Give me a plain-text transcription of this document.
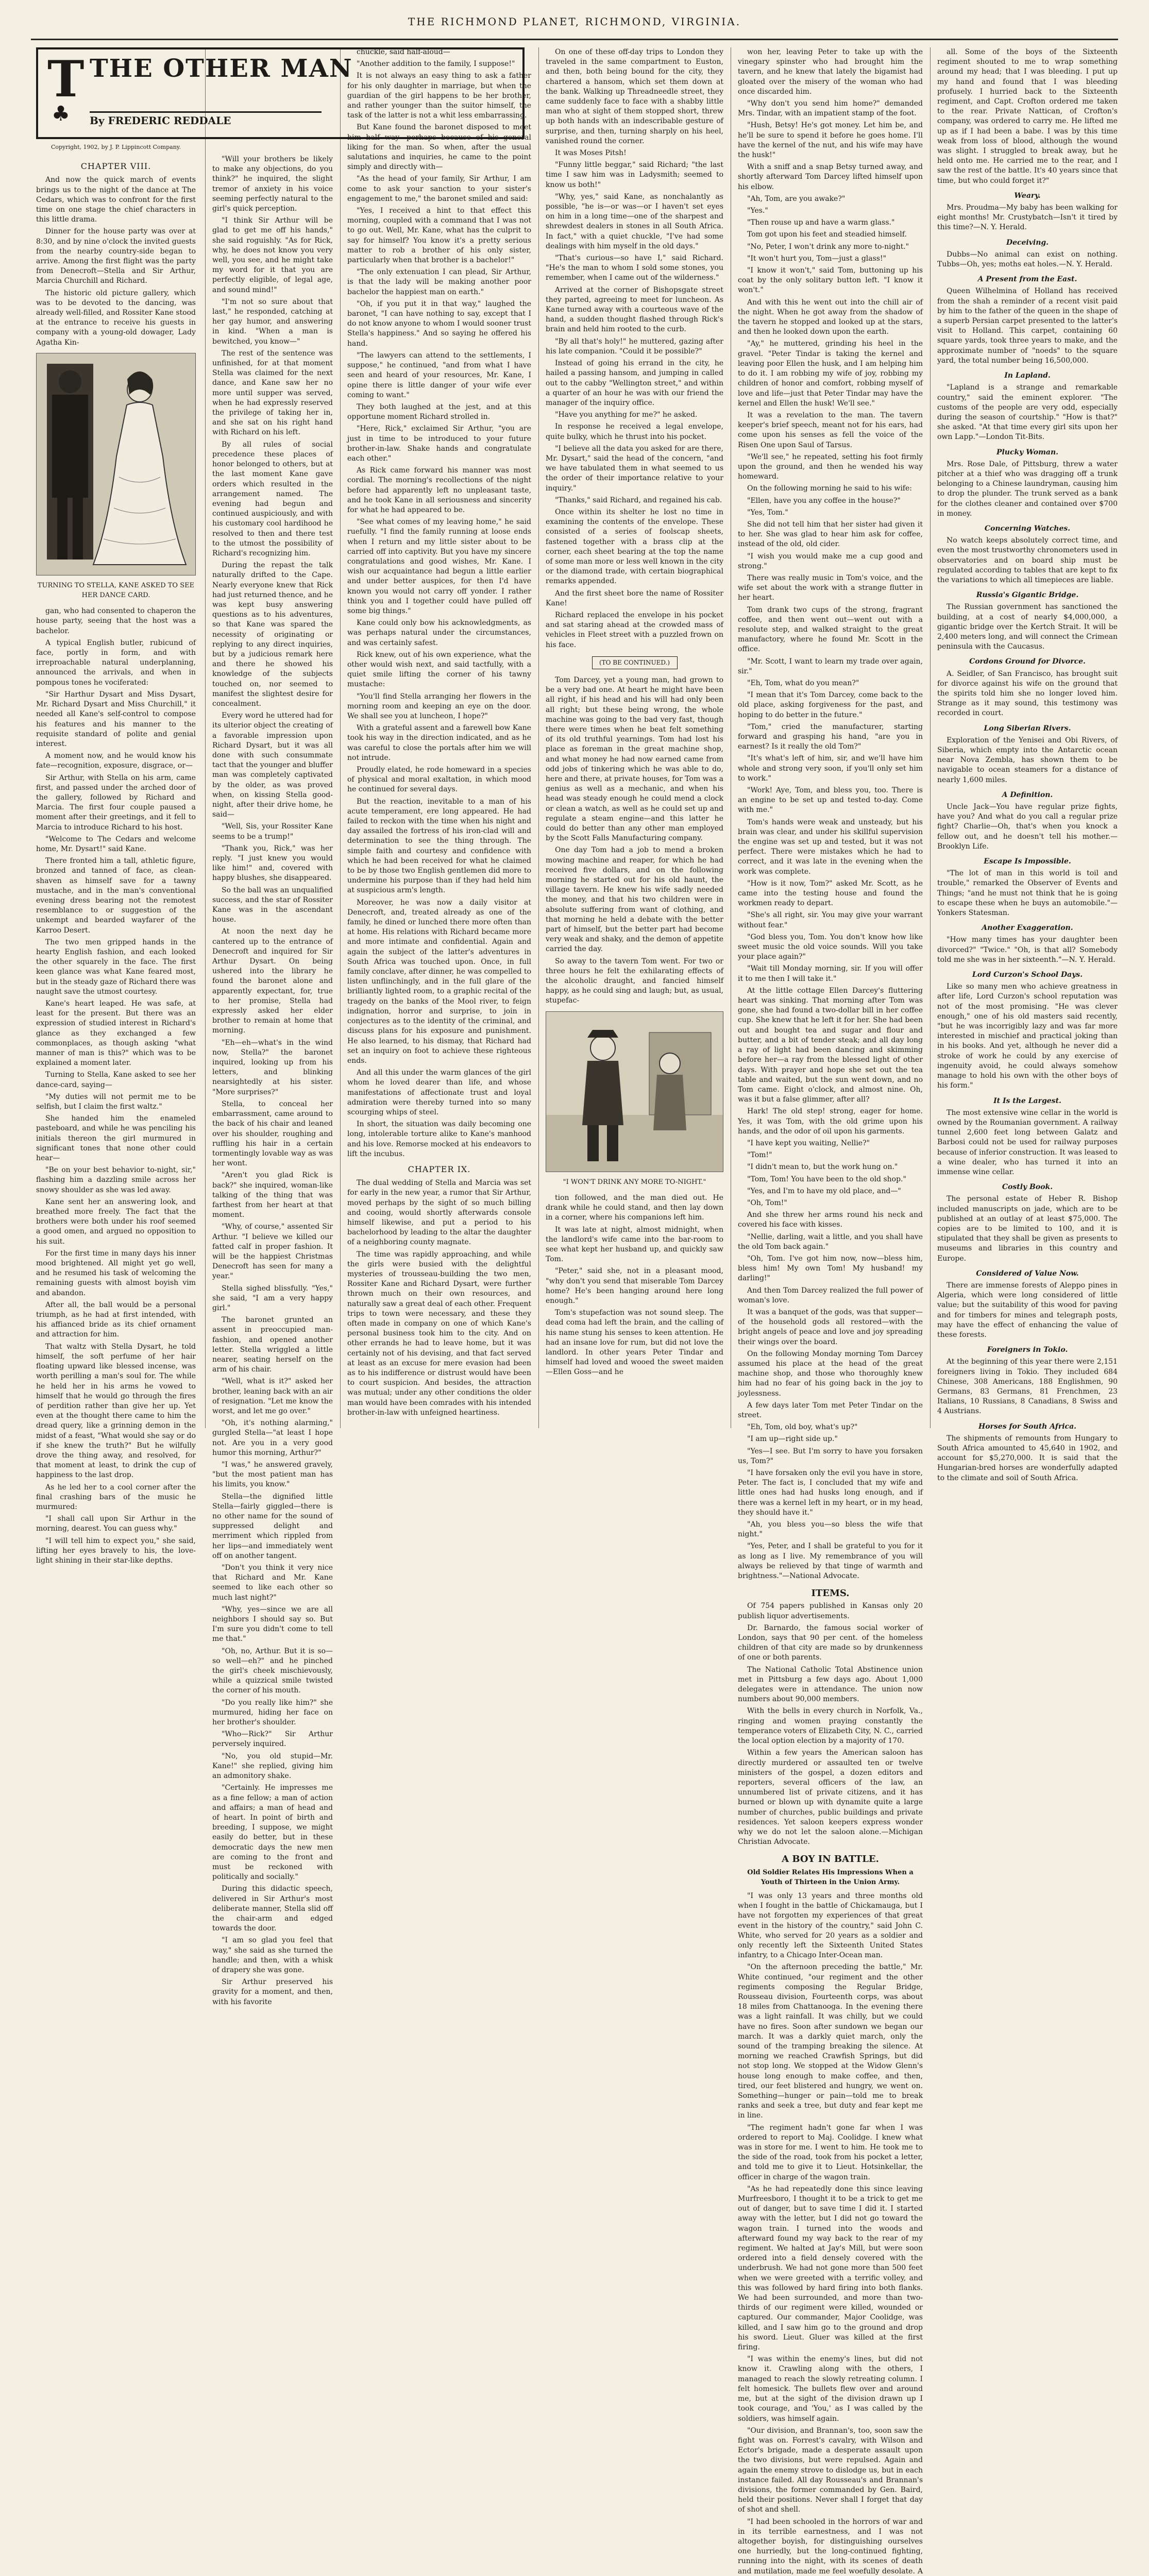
THE RICHMOND PLANET, RICHMOND, VIRGINIA.
T THE OTHER MAN
♣ By FREDERIC REDDALE
Copyright, 1902, by J. P. Lippincott Company.
CHAPTER VIII.

And now the quick march of events brings us to the night of the dance at The Cedars, which was to confront for the first time on one stage the chief characters in this little drama.

Dinner for the house party was over at 8:30, and by nine o'clock the invited guests from the nearby country-side began to arrive. Among the first flight was the party from Denecroft—Stella and Sir Arthur, Marcia Churchill and Richard.

The historic old picture gallery, which was to be devoted to the dancing, was already well-filled, and Rossiter Kane stood at the entrance to receive his guests in company with a young-old dowager, Lady Agatha Kin-

TURNING TO STELLA, KANE ASKED TO SEE HER DANCE CARD.

gan, who had consented to chaperon the house party, seeing that the host was a bachelor.

A typical English butler, rubicund of face, portly in form, and with irreproachable natural underplanning, announced the arrivals, and when in pompous tones he vociferated:

"Sir Harthur Dysart and Miss Dysart, Mr. Richard Dysart and Miss Churchill," it needed all Kane's self-control to compose his features and his manner to the requisite standard of polite and genial interest.

A moment now, and he would know his fate—recognition, exposure, disgrace, or—

Sir Arthur, with Stella on his arm, came first, and passed under the arched door of the gallery, followed by Richard and Marcia. The first four couple paused a moment after their greetings, and it fell to Marcia to introduce Richard to his host.

"Welcome to The Cedars and welcome home, Mr. Dysart!" said Kane.

There fronted him a tall, athletic figure, bronzed and tanned of face, as clean-shaven as himself save for a tawny mustache, and in the man's conventional evening dress bearing not the remotest resemblance to or suggestion of the unkempt and bearded wayfarer of the Karroo Desert.

The two men gripped hands in the hearty English fashion, and each looked the other squarely in the face. The first keen glance was what Kane feared most, but in the steady gaze of Richard there was naught save the utmost courtesy.

Kane's heart leaped. He was safe, at least for the present. But there was an expression of studied interest in Richard's glance as they exchanged a few commonplaces, as though asking "what manner of man is this?" which was to be explained a moment later.

Turning to Stella, Kane asked to see her dance-card, saying—

"My duties will not permit me to be selfish, but I claim the first waltz."

She handed him the enameled pasteboard, and while he was penciling his initials thereon the girl murmured in significant tones that none other could hear—

"Be on your best behavior to-night, sir," flashing him a dazzling smile across her snowy shoulder as she was led away.

Kane sent her an answering look, and breathed more freely. The fact that the brothers were both under his roof seemed a good omen, and argued no opposition to his suit.

For the first time in many days his inner mood brightened. All might yet go well, and he resumed his task of welcoming the remaining guests with almost boyish vim and abandon.

After all, the ball would be a personal triumph, as he had at first intended, with his affianced bride as its chief ornament and attraction for him.

That waltz with Stella Dysart, he told himself, the soft perfume of her hair floating upward like blessed incense, was worth perilling a man's soul for. The while he held her in his arms he vowed to himself that he would go through the fires of perdition rather than give her up. Yet even at the thought there came to him the dread query, like a grinning demon in the midst of a feast, "What would she say or do if she knew the truth?" But he wilfully drove the thing away, and resolved, for that moment at least, to drink the cup of happiness to the last drop.

As he led her to a cool corner after the final crashing bars of the music he murmured:

"I shall call upon Sir Arthur in the morning, dearest. You can guess why."

"I will tell him to expect you," she said, lifting her eyes bravely to his, the love-light shining in their star-like depths.

"Will your brothers be likely to make any objections, do you think?" he inquired, the slight tremor of anxiety in his voice seeming perfectly natural to the girl's quick perception.

"I think Sir Arthur will be glad to get me off his hands," she said roguishly. "As for Rick, why, he does not know you very well, you see, and he might take my word for it that you are perfectly eligible, of legal age, and sound mind!"

"I'm not so sure about that last," he responded, catching at her gay humor, and answering in kind. "When a man is bewitched, you know—"

The rest of the sentence was unfinished, for at that moment Stella was claimed for the next dance, and Kane saw her no more until supper was served, when he had expressly reserved the privilege of taking her in, and she sat on his right hand with Richard on his left.

By all rules of social precedence these places of honor belonged to others, but at the last moment Kane gave orders which resulted in the arrangement named. The evening had begun and continued auspiciously, and with his customary cool hardihood he resolved to then and there test to the utmost the possibility of Richard's recognizing him.

During the repast the talk naturally drifted to the Cape. Nearly everyone knew that Rick had just returned thence, and he was kept busy answering questions as to his adventures, so that Kane was spared the necessity of originating or replying to any direct inquiries, but by a judicious remark here and there he showed his knowledge of the subjects touched on, nor seemed to manifest the slightest desire for concealment.

Every word he uttered had for its ulterior object the creating of a favorable impression upon Richard Dysart, but it was all done with such consummate tact that the younger and bluffer man was completely captivated by the older, as was proved when, on kissing Stella good-night, after their drive home, he said—

"Well, Sis, your Rossiter Kane seems to be a trump!"

"Thank you, Rick," was her reply. "I just knew you would like him!" and, covered with happy blushes, she disappeared.

So the ball was an unqualified success, and the star of Rossiter Kane was in the ascendant house.

At noon the next day he cantered up to the entrance of Denecroft and inquired for Sir Arthur Dysart. On being ushered into the library he found the baronet alone and apparently expectant, for, true to her promise, Stella had expressly asked her elder brother to remain at home that morning.

"Eh—eh—what's in the wind now, Stella?" the baronet inquired, looking up from his letters, and blinking nearsightedly at his sister. "More surprises?"

Stella, to conceal her embarrassment, came around to the back of his chair and leaned over his shoulder, roughing and ruffling his hair in a certain tormentingly lovable way as was her wont.

"Aren't you glad Rick is back?" she inquired, woman-like talking of the thing that was farthest from her heart at that moment.

"Why, of course," assented Sir Arthur. "I believe we killed our fatted calf in proper fashion. It will be the happiest Christmas Denecroft has seen for many a year."

Stella sighed blissfully. "Yes," she said, "I am a very happy girl."

The baronet grunted an assent in preoccupied man-fashion, and opened another letter. Stella wriggled a little nearer, seating herself on the arm of his chair.

"Well, what is it?" asked her brother, leaning back with an air of resignation. "Let me know the worst, and let me go over."

"Oh, it's nothing alarming," gurgled Stella—"at least I hope not. Are you in a very good humor this morning, Arthur?"

"I was," he answered gravely, "but the most patient man has his limits, you know."

Stella—the dignified little Stella—fairly giggled—there is no other name for the sound of suppressed delight and merriment which rippled from her lips—and immediately went off on another tangent.

"Don't you think it very nice that Richard and Mr. Kane seemed to like each other so much last night?"

"Why, yes—since we are all neighbors I should say so. But I'm sure you didn't come to tell me that."

"Oh, no, Arthur. But it is so—so well—eh?" and he pinched the girl's cheek mischievously, while a quizzical smile twisted the corner of his mouth.

"Do you really like him?" she murmured, hiding her face on her brother's shoulder.

"Who—Rick?" Sir Arthur perversely inquired.

"No, you old stupid—Mr. Kane!" she replied, giving him an admonitory shake.

"Certainly. He impresses me as a fine fellow; a man of action and affairs; a man of head and of heart. In point of birth and breeding, I suppose, we might easily do better, but in these democratic days the new men are coming to the front and must be reckoned with politically and socially."

During this didactic speech, delivered in Sir Arthur's most deliberate manner, Stella slid off the chair-arm and edged towards the door.

"I am so glad you feel that way," she said as she turned the handle; and then, with a whisk of drapery she was gone.

Sir Arthur preserved his gravity for a moment, and then, with his favorite

chuckle, said half-aloud—

"Another addition to the family, I suppose!"

It is not always an easy thing to ask a father for his only daughter in marriage, but when the guardian of the girl happens to be her brother, and rather younger than the suitor himself, the task of the latter is not a whit less embarrassing.

But Kane found the baronet disposed to meet him half way—perhaps because of his general liking for the man. So when, after the usual salutations and inquiries, he came to the point simply and directly with—

"As the head of your family, Sir Arthur, I am come to ask your sanction to your sister's engagement to me," the baronet smiled and said:

"Yes, I received a hint to that effect this morning, coupled with a command that I was not to go out. Well, Mr. Kane, what has the culprit to say for himself? You know it's a pretty serious matter to rob a brother of his only sister, particularly when that brother is a bachelor!"

"The only extenuation I can plead, Sir Arthur, is that the lady will be making another poor bachelor the happiest man on earth."

"Oh, if you put it in that way," laughed the baronet, "I can have nothing to say, except that I do not know anyone to whom I would sooner trust Stella's happiness." And so saying he offered his hand.

"The lawyers can attend to the settlements, I suppose," he continued, "and from what I have seen and heard of your resources, Mr. Kane, I opine there is little danger of your wife ever coming to want."

They both laughed at the jest, and at this opportune moment Richard strolled in.

"Here, Rick," exclaimed Sir Arthur, "you are just in time to be introduced to your future brother-in-law. Shake hands and congratulate each other."

As Rick came forward his manner was most cordial. The morning's recollections of the night before had apparently left no unpleasant taste, and he took Kane in all seriousness and sincerity for what he had appeared to be.

"See what comes of my leaving home," he said ruefully. "I find the family running at loose ends when I return and my little sister about to be carried off into captivity. But you have my sincere congratulations and good wishes, Mr. Kane. I wish our acquaintance had begun a little earlier and under better auspices, for then I'd have known you would not carry off yonder. I rather think you and I together could have pulled off some big things."

Kane could only bow his acknowledgments, as was perhaps natural under the circumstances, and was certainly safest.

Rick knew, out of his own experience, what the other would wish next, and said tactfully, with a quiet smile lifting the corner of his tawny mustache:

"You'll find Stella arranging her flowers in the morning room and keeping an eye on the door. We shall see you at luncheon, I hope?"

With a grateful assent and a farewell bow Kane took his way in the direction indicated, and as he was careful to close the portals after him we will not intrude.

Proudly elated, he rode homeward in a species of physical and moral exaltation, in which mood he continued for several days.

But the reaction, inevitable to a man of his acute temperament, ere long appeared. He had failed to reckon with the time when his night and day assailed the fortress of his iron-clad will and determination to see the thing through. The simple faith and courtesy and confidence with which he had been received for what he claimed to be by those two English gentlemen did more to undermine his purpose than if they had held him at suspicious arm's length.

Moreover, he was now a daily visitor at Denecroft, and, treated already as one of the family, he dined or lunched there more often than at home. His relations with Richard became more and more intimate and confidential. Again and again the subject of the latter's adventures in South Africa was touched upon. Once, in full family conclave, after dinner, he was compelled to listen unflinchingly, and in the full glare of the brilliantly lighted room, to a graphic recital of the tragedy on the banks of the Mool river, to feign indignation, horror and surprise, to join in conjectures as to the identity of the criminal, and discuss plans for his exposure and punishment. He also learned, to his dismay, that Richard had set an inquiry on foot to achieve these righteous ends.

And all this under the warm glances of the girl whom he loved dearer than life, and whose manifestations of affectionate trust and loyal admiration were thereby turned into so many scourging whips of steel.

In short, the situation was daily becoming one long, intolerable torture alike to Kane's manhood and his love. Remorse mocked at his endeavors to lift the incubus.

CHAPTER IX.

The dual wedding of Stella and Marcia was set for early in the new year, a rumor that Sir Arthur, moved perhaps by the sight of so much billing and cooing, would shortly afterwards console himself likewise, and put a period to his bachelorhood by leading to the altar the daughter of a neighboring county magnate.

The time was rapidly approaching, and while the girls were busied with the delightful mysteries of trousseau-building the two men, Rossiter Kane and Richard Dysart, were further thrown much on their own resources, and naturally saw a great deal of each other. Frequent trips to town were necessary, and these they often made in company on one of which Kane's personal business took him to the city. And on other errands he had to leave home, but it was certainly not of his devising, and that fact served at least as an excuse for mere evasion had been as to his indifference or distrust would have been to court suspicion. And besides, the attraction was mutual; under any other conditions the older man would have been comrades with his intended brother-in-law with unfeigned heartiness.

On one of these off-day trips to London they traveled in the same compartment to Euston, and then, both being bound for the city, they chartered a hansom, which set them down at the bank. Walking up Threadneedle street, they came suddenly face to face with a shabby little man who at sight of them stopped short, threw up both hands with an indescribable gesture of surprise, and then, turning sharply on his heel, vanished round the corner.

It was Moses Pitsh!

"Funny little beggar," said Richard; "the last time I saw him was in Ladysmith; seemed to know us both!"

"Why, yes," said Kane, as nonchalantly as possible, "he is—or was—or I haven't set eyes on him in a long time—one of the sharpest and shrewdest dealers in stones in all South Africa. In fact," with a quiet chuckle, "I've had some dealings with him myself in the old days."

"That's curious—so have I," said Richard. "He's the man to whom I sold some stones, you remember, when I came out of the wilderness."

Arrived at the corner of Bishopsgate street they parted, agreeing to meet for luncheon. As Kane turned away with a courteous wave of the hand, a sudden thought flashed through Rick's brain and held him rooted to the curb.

"By all that's holy!" he muttered, gazing after his late companion. "Could it be possible?"

Instead of going his errand in the city, he hailed a passing hansom, and jumping in called out to the cabby "Wellington street," and within a quarter of an hour he was with our friend the manager of the inquiry office.

"Have you anything for me?" he asked.

In response he received a legal envelope, quite bulky, which he thrust into his pocket.

"I believe all the data you asked for are there, Mr. Dysart," said the head of the concern, "and we have tabulated them in what seemed to us the order of their importance relative to your inquiry."

"Thanks," said Richard, and regained his cab.

Once within its shelter he lost no time in examining the contents of the envelope. These consisted of a series of foolscap sheets, fastened together with a brass clip at the corner, each sheet bearing at the top the name of some man more or less well known in the city or the diamond trade, with certain biographical remarks appended.

And the first sheet bore the name of Rossiter Kane!

Richard replaced the envelope in his pocket and sat staring ahead at the crowded mass of vehicles in Fleet street with a puzzled frown on his face.

(TO BE CONTINUED.)

Tom Darcey, yet a young man, had grown to be a very bad one. At heart he might have been all right, if his head and his will had only been all right; but these being wrong, the whole machine was going to the bad very fast, though there were times when he beat felt something of its old truthful yearnings. Tom had lost his place as foreman in the great machine shop, and what money he had now earned came from odd jobs of tinkering which he was able to do, here and there, at private houses, for Tom was a genius as well as a mechanic, and when his head was steady enough he could mend a clock or clean a watch, as well as he could set up and regulate a steam engine—and this latter he could do better than any other man employed by the Scott Falls Manufacturing company.

One day Tom had a job to mend a broken mowing machine and reaper, for which he had received five dollars, and on the following morning he started out for his old haunt, the village tavern. He knew his wife sadly needed the money, and that his two children were in absolute suffering from want of clothing, and that morning he held a debate with the better part of himself, but the better part had become very weak and shaky, and the demon of appetite carried the day.

So away to the tavern Tom went. For two or three hours he felt the exhilarating effects of the alcoholic draught, and fancied himself happy, as he could sing and laugh; but, as usual, stupefac-

"I WON'T DRINK ANY MORE TO-NIGHT."

tion followed, and the man died out. He drank while he could stand, and then lay down in a corner, where his companions left him.

It was late at night, almost midnight, when the landlord's wife came into the bar-room to see what kept her husband up, and quickly saw Tom.

"Peter," said she, not in a pleasant mood, "why don't you send that miserable Tom Darcey home? He's been hanging around here long enough."

Tom's stupefaction was not sound sleep. The dead coma had left the brain, and the calling of his name stung his senses to keen attention. He had an insane love for rum, but did not love the landlord. In other years Peter Tindar and himself had loved and wooed the sweet maiden—Ellen Goss—and he

won her, leaving Peter to take up with the vinegary spinster who had brought him the tavern, and he knew that lately the bigamist had gloated over the misery of the woman who had once discarded him.

"Why don't you send him home?" demanded Mrs. Tindar, with an impatient stamp of the foot.

"Hush, Betsy! He's got money. Let him be, and he'll be sure to spend it before he goes home. I'll have the kernel of the nut, and his wife may have the husk!"

With a sniff and a snap Betsy turned away, and shortly afterward Tom Darcey lifted himself upon his elbow.

"Ah, Tom, are you awake?"

"Yes."

"Then rouse up and have a warm glass."

Tom got upon his feet and steadied himself.

"No, Peter, I won't drink any more to-night."

"It won't hurt you, Tom—just a glass!"

"I know it won't," said Tom, buttoning up his coat by the only solitary button left. "I know it won't."

And with this he went out into the chill air of the night. When he got away from the shadow of the tavern he stopped and looked up at the stars, and then he looked down upon the earth.

"Ay," he muttered, grinding his heel in the gravel. "Peter Tindar is taking the kernel and leaving poor Ellen the husk, and I am helping him to do it. I am robbing my wife of joy, robbing my children of honor and comfort, robbing myself of love and life—just that Peter Tindar may have the kernel and Ellen the husk! We'll see."

It was a revelation to the man. The tavern keeper's brief speech, meant not for his ears, had come upon his senses as fell the voice of the Risen One upon Saul of Tarsus.

"We'll see," he repeated, setting his foot firmly upon the ground, and then he wended his way homeward.

On the following morning he said to his wife:

"Ellen, have you any coffee in the house?"

"Yes, Tom."

She did not tell him that her sister had given it to her. She was glad to hear him ask for coffee, instead of the old, old cider.

"I wish you would make me a cup good and strong."

There was really music in Tom's voice, and the wife set about the work with a strange flutter in her heart.

Tom drank two cups of the strong, fragrant coffee, and then went out—went out with a resolute step, and walked straight to the great manufactory, where he found Mr. Scott in the office.

"Mr. Scott, I want to learn my trade over again, sir."

"Eh, Tom, what do you mean?"

"I mean that it's Tom Darcey, come back to the old place, asking forgiveness for the past, and hoping to do better in the future."

"Tom," cried the manufacturer, starting forward and grasping his hand, "are you in earnest? Is it really the old Tom?"

"It's what's left of him, sir, and we'll have him whole and strong very soon, if you'll only set him to work."

"Work! Aye, Tom, and bless you, too. There is an engine to be set up and tested to-day. Come with me."

Tom's hands were weak and unsteady, but his brain was clear, and under his skillful supervision the engine was set up and tested, but it was not perfect. There were mistakes which he had to correct, and it was late in the evening when the work was complete.

"How is it now, Tom?" asked Mr. Scott, as he came into the testing house and found the workmen ready to depart.

"She's all right, sir. You may give your warrant without fear."

"God bless you, Tom. You don't know how like sweet music the old voice sounds. Will you take your place again?"

"Wait till Monday morning, sir. If you will offer it to me then I will take it."

At the little cottage Ellen Darcey's fluttering heart was sinking. That morning after Tom was gone, she had found a two-dollar bill in her coffee cup. She knew that he left it for her. She had been out and bought tea and sugar and flour and butter, and a bit of tender steak; and all day long a ray of light had been dancing and skimming before her—a ray from the blessed light of other days. With prayer and hope she set out the tea table and waited, but the sun went down, and no Tom came. Eight o'clock, and almost nine. Oh, was it but a false glimmer, after all?

Hark! The old step! strong, eager for home. Yes, it was Tom, with the old grime upon his hands, and the odor of oil upon his garments.

"I have kept you waiting, Nellie?"

"Tom!"

"I didn't mean to, but the work hung on."

"Tom, Tom! You have been to the old shop."

"Yes, and I'm to have my old place, and—"

"Oh, Tom!"

And she threw her arms round his neck and covered his face with kisses.

"Nellie, darling, wait a little, and you shall have the old Tom back again."

"Oh, Tom. I've got him now, now—bless him, bless him! My own Tom! My husband! my darling!"

And then Tom Darcey realized the full power of woman's love.

It was a banquet of the gods, was that supper—of the household gods all restored—with the bright angels of peace and love and joy spreading their wings over the board.

On the following Monday morning Tom Darcey assumed his place at the head of the great machine shop, and those who thoroughly knew him had no fear of his going back in the joy to joylessness.

A few days later Tom met Peter Tindar on the street.

"Eh, Tom, old boy, what's up?"

"I am up—right side up."

"Yes—I see. But I'm sorry to have you forsaken us, Tom?"

"I have forsaken only the evil you have in store, Peter. The fact is, I concluded that my wife and little ones had had husks long enough, and if there was a kernel left in my heart, or in my head, they should have it."

"Ah, you bless you—so bless the wife that night."

"Yes, Peter, and I shall be grateful to you for it as long as I live. My remembrance of you will always be relieved by that tinge of warmth and brightness."—National Advocate.

ITEMS.

Of 754 papers published in Kansas only 20 publish liquor advertisements.

Dr. Barnardo, the famous social worker of London, says that 90 per cent. of the homeless children of that city are made so by drunkenness of one or both parents.

The National Catholic Total Abstinence union met in Pittsburg a few days ago. About 1,000 delegates were in attendance. The union now numbers about 90,000 members.

With the bells in every church in Norfolk, Va., ringing and women praying constantly the temperance voters of Elizabeth City, N. C., carried the local option election by a majority of 170.

Within a few years the American saloon has directly murdered or assaulted ten or twelve ministers of the gospel, a dozen editors and reporters, several officers of the law, an unnumbered list of private citizens, and it has burned or blown up with dynamite quite a large number of churches, public buildings and private residences. Yet saloon keepers express wonder why we do not let the saloon alone.—Michigan Christian Advocate.

A BOY IN BATTLE.
Old Soldier Relates His Impressions When a Youth of Thirteen in the Union Army.

"I was only 13 years and three months old when I fought in the battle of Chickamauga, but I have not forgotten my experiences of that great event in the history of the country," said John C. White, who served for 20 years as a soldier and only recently left the Sixteenth United States infantry, to a Chicago Inter-Ocean man.

"On the afternoon preceding the battle," Mr. White continued, "our regiment and the other regiments composing the Regular Bridge, Rousseau division, Fourteenth corps, was about 18 miles from Chattanooga. In the evening there was a light rainfall. It was chilly, but we could have no fires. Soon after sundown we began our march. It was a darkly quiet march, only the sound of the tramping breaking the silence. At morning we reached Crawfish Springs, but did not stop long. We stopped at the Widow Glenn's house long enough to make coffee, and then, tired, our feet blistered and hungry, we went on. Something—hunger or pain—told me to break ranks and seek a tree, but duty and fear kept me in line.

"The regiment hadn't gone far when I was ordered to report to Maj. Coolidge. I knew what was in store for me. I went to him. He took me to the side of the road, took from his pocket a letter, and told me to give it to Lieut. Hotsinkellar, the officer in charge of the wagon train.

"As he had repeatedly done this since leaving Murfreesboro, I thought it to be a trick to get me out of danger, but to save time I did it. I started away with the letter, but I did not go toward the wagon train. I turned into the woods and afterward found my way back to the rear of my regiment. We halted at Jay's Mill, but were soon ordered into a field densely covered with the underbrush. We had not gone more than 500 feet when we were greeted with a terrific volley, and this was followed by hard firing into both flanks. We had been surrounded, and more than two-thirds of our regiment were killed, wounded or captured. Our commander, Major Coolidge, was killed, and I saw him go to the ground and drop his sword. Lieut. Gluer was killed at the first firing.

"I was within the enemy's lines, but did not know it. Crawling along with the others, I managed to reach the slowly retreating column. I felt homesick. The bullets flew over and around me, but at the sight of the division drawn up I took courage, and 'You,' as I was called by the soldiers, was himself again.

"Our division, and Brannan's, too, soon saw the fight was on. Forrest's cavalry, with Wilson and Ector's brigade, made a desperate assault upon the two divisions, but were repulsed. Again and again the enemy strove to dislodge us, but in each instance failed. All day Rousseau's and Brannan's divisions, the former commanded by Gen. Baird, held their positions. Never shall I forget that day of shot and shell.

"I had been schooled in the horrors of war and in its terrible earnestness, and I was not altogether boyish, for distinguishing ourselves one hurriedly, but the long-continued fighting, running into the night, with its scenes of death and mutilation, made me feel woefully desolate. A

all. Some of the boys of the Sixteenth regiment shouted to me to wrap something around my head; that I was bleeding. I put up my hand and found that I was bleeding profusely. I hurried back to the Sixteenth regiment, and Capt. Crofton ordered me taken to the rear. Private Nattican, of Crofton's company, was ordered to carry me. He lifted me up as if I had been a babe. I was by this time weak from loss of blood, although the wound was slight. I struggled to break away, but he held onto me. He carried me to the rear, and I saw the rest of the battle. It's 40 years since that time, but who could forget it?"

Weary.

Mrs. Proudma—My baby has been walking for eight months! Mr. Crustybatch—Isn't it tired by this time?—N. Y. Herald.

Deceiving.

Dubbs—No animal can exist on nothing. Tubbs—Oh, yes; moths eat holes.—N. Y. Herald.

A Present from the East.

Queen Wilhelmina of Holland has received from the shah a reminder of a recent visit paid by him to the father of the queen in the shape of a superb Persian carpet presented to the latter's visit to Holland. This carpet, containing 60 square yards, took three years to make, and the approximate number of "noeds" to the square yard, the total number being 16,500,000.

In Lapland.

"Lapland is a strange and remarkable country," said the eminent explorer. "The customs of the people are very odd, especially during the season of courtship." "How is that?" she asked. "At that time every girl sits upon her own Lapp."—London Tit-Bits.

Plucky Woman.

Mrs. Rose Dale, of Pittsburg, threw a water pitcher at a thief who was dragging off a trunk belonging to a Chinese laundryman, causing him to drop the plunder. The trunk served as a bank for the clothes cleaner and contained over $700 in money.

Concerning Watches.

No watch keeps absolutely correct time, and even the most trustworthy chronometers used in observatories and on board ship must be regulated according to tables that are kept to fix the variations to which all timepieces are liable.

Russia's Gigantic Bridge.

The Russian government has sanctioned the building, at a cost of nearly $4,000,000, a gigantic bridge over the Kertch Strait. It will be 2,400 meters long, and will connect the Crimean peninsula with the Caucasus.

Cordons Ground for Divorce.

A. Seidler, of San Francisco, has brought suit for divorce against his wife on the ground that the spirits told him she no longer loved him. Strange as it may sound, this testimony was recorded in court.

Long Siberian Rivers.

Exploration of the Yenisei and Obi Rivers, of Siberia, which empty into the Antarctic ocean near Nova Zembla, has shown them to be navigable to ocean steamers for a distance of nearly 1,600 miles.

A Definition.

Uncle Jack—You have regular prize fights, have you? And what do you call a regular prize fight? Charlie—Oh, that's when you knock a fellow out, and he doesn't tell his mother.—Brooklyn Life.

Escape Is Impossible.

"The lot of man in this world is toil and trouble," remarked the Observer of Events and Things; "and he must not think that he is going to escape these when he buys an automobile."—Yonkers Statesman.

Another Exaggeration.

"How many times has your daughter been divorced?" "Twice." "Oh, is that all? Somebody told me she was in her sixteenth."—N. Y. Herald.

Lord Curzon's School Days.

Like so many men who achieve greatness in after life, Lord Curzon's school reputation was not of the most promising. "He was clever enough," one of his old masters said recently, "but he was incorrigibly lazy and was far more interested in mischief and practical joking than in his books. And yet, although he never did a stroke of work he could by any exercise of ingenuity avoid, he could always somehow manage to hold his own with the other boys of his form."

It Is the Largest.

The most extensive wine cellar in the world is owned by the Roumanian government. A railway tunnel 2,600 feet long between Galatz and Barbosi could not be used for railway purposes because of inferior construction. It was leased to a wine dealer, who has turned it into an immense wine cellar.

Costly Book.

The personal estate of Heber R. Bishop included manuscripts on jade, which are to be published at an outlay of at least $75,000. The copies are to be limited to 100, and it is stipulated that they shall be given as presents to museums and libraries in this country and Europe.

Considered of Value Now.

There are immense forests of Aleppo pines in Algeria, which were long considered of little value; but the suitability of this wood for paving and for timbers for mines and telegraph posts, may have the effect of enhancing the value of these forests.

Foreigners in Tokio.

At the beginning of this year there were 2,151 foreigners living in Tokio. They included 684 Chinese, 308 Americans, 188 Englishmen, 90 Germans, 83 Germans, 81 Frenchmen, 23 Italians, 10 Russians, 8 Canadians, 8 Swiss and 4 Austrians.

Horses for South Africa.

The shipments of remounts from Hungary to South Africa amounted to 45,640 in 1902, and account for $5,270,000. It is said that the Hungarian-bred horses are wonderfully adapted to the climate and soil of South Africa.
